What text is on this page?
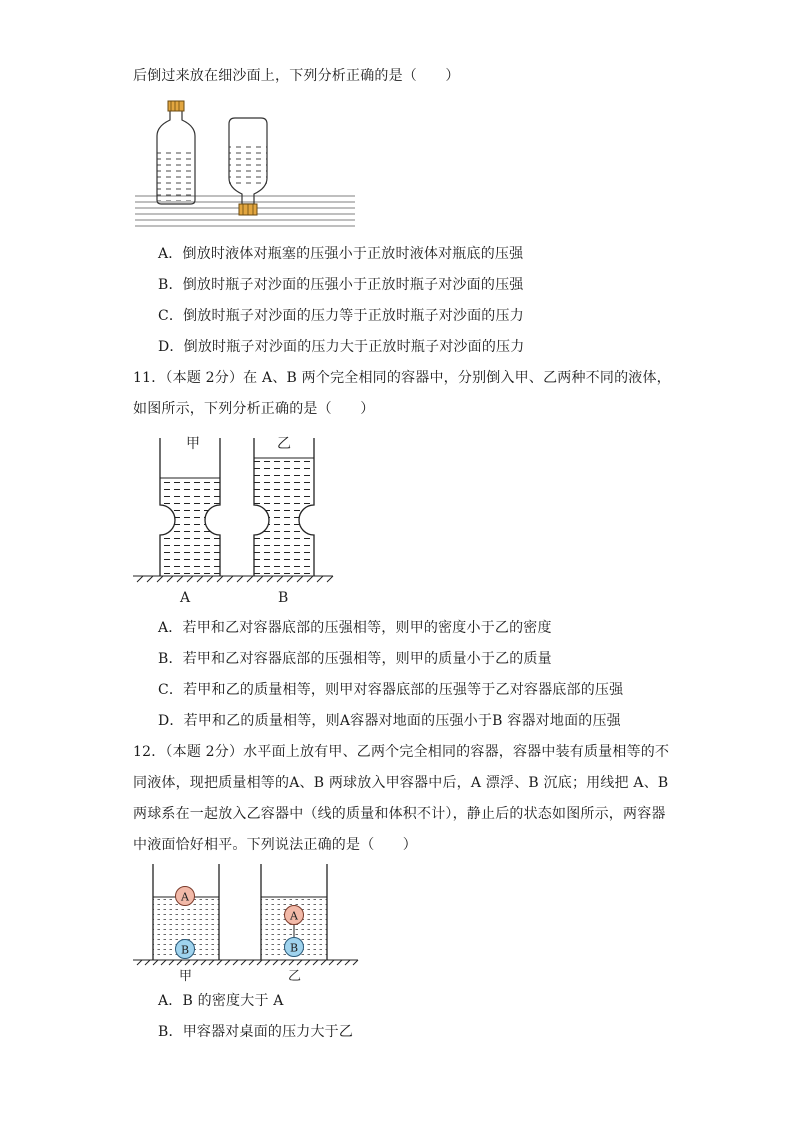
后倒过来放在细沙面上，下列分析正确的是（　　）
A．倒放时液体对瓶塞的压强小于正放时液体对瓶底的压强
B．倒放时瓶子对沙面的压强小于正放时瓶子对沙面的压强
C．倒放时瓶子对沙面的压力等于正放时瓶子对沙面的压力
D．倒放时瓶子对沙面的压力大于正放时瓶子对沙面的压力
11．（本题 2分）在 A、B 两个完全相同的容器中，分别倒入甲、乙两种不同的液体，
如图所示，下列分析正确的是（　　）
甲	乙
A	B
A．若甲和乙对容器底部的压强相等，则甲的密度小于乙的密度
B．若甲和乙对容器底部的压强相等，则甲的质量小于乙的质量
C．若甲和乙的质量相等，则甲对容器底部的压强等于乙对容器底部的压强
D．若甲和乙的质量相等，则A容器对地面的压强小于B 容器对地面的压强
12．（本题 2分）水平面上放有甲、乙两个完全相同的容器，容器中装有质量相等的不
同液体，现把质量相等的A、B 两球放入甲容器中后，A 漂浮、B 沉底；用线把 A、B
两球系在一起放入乙容器中（线的质量和体积不计），静止后的状态如图所示，两容器
中液面恰好相平。下列说法正确的是（　　）
A
B
A
B
甲	乙
A．B 的密度大于 A
B．甲容器对桌面的压力大于乙
